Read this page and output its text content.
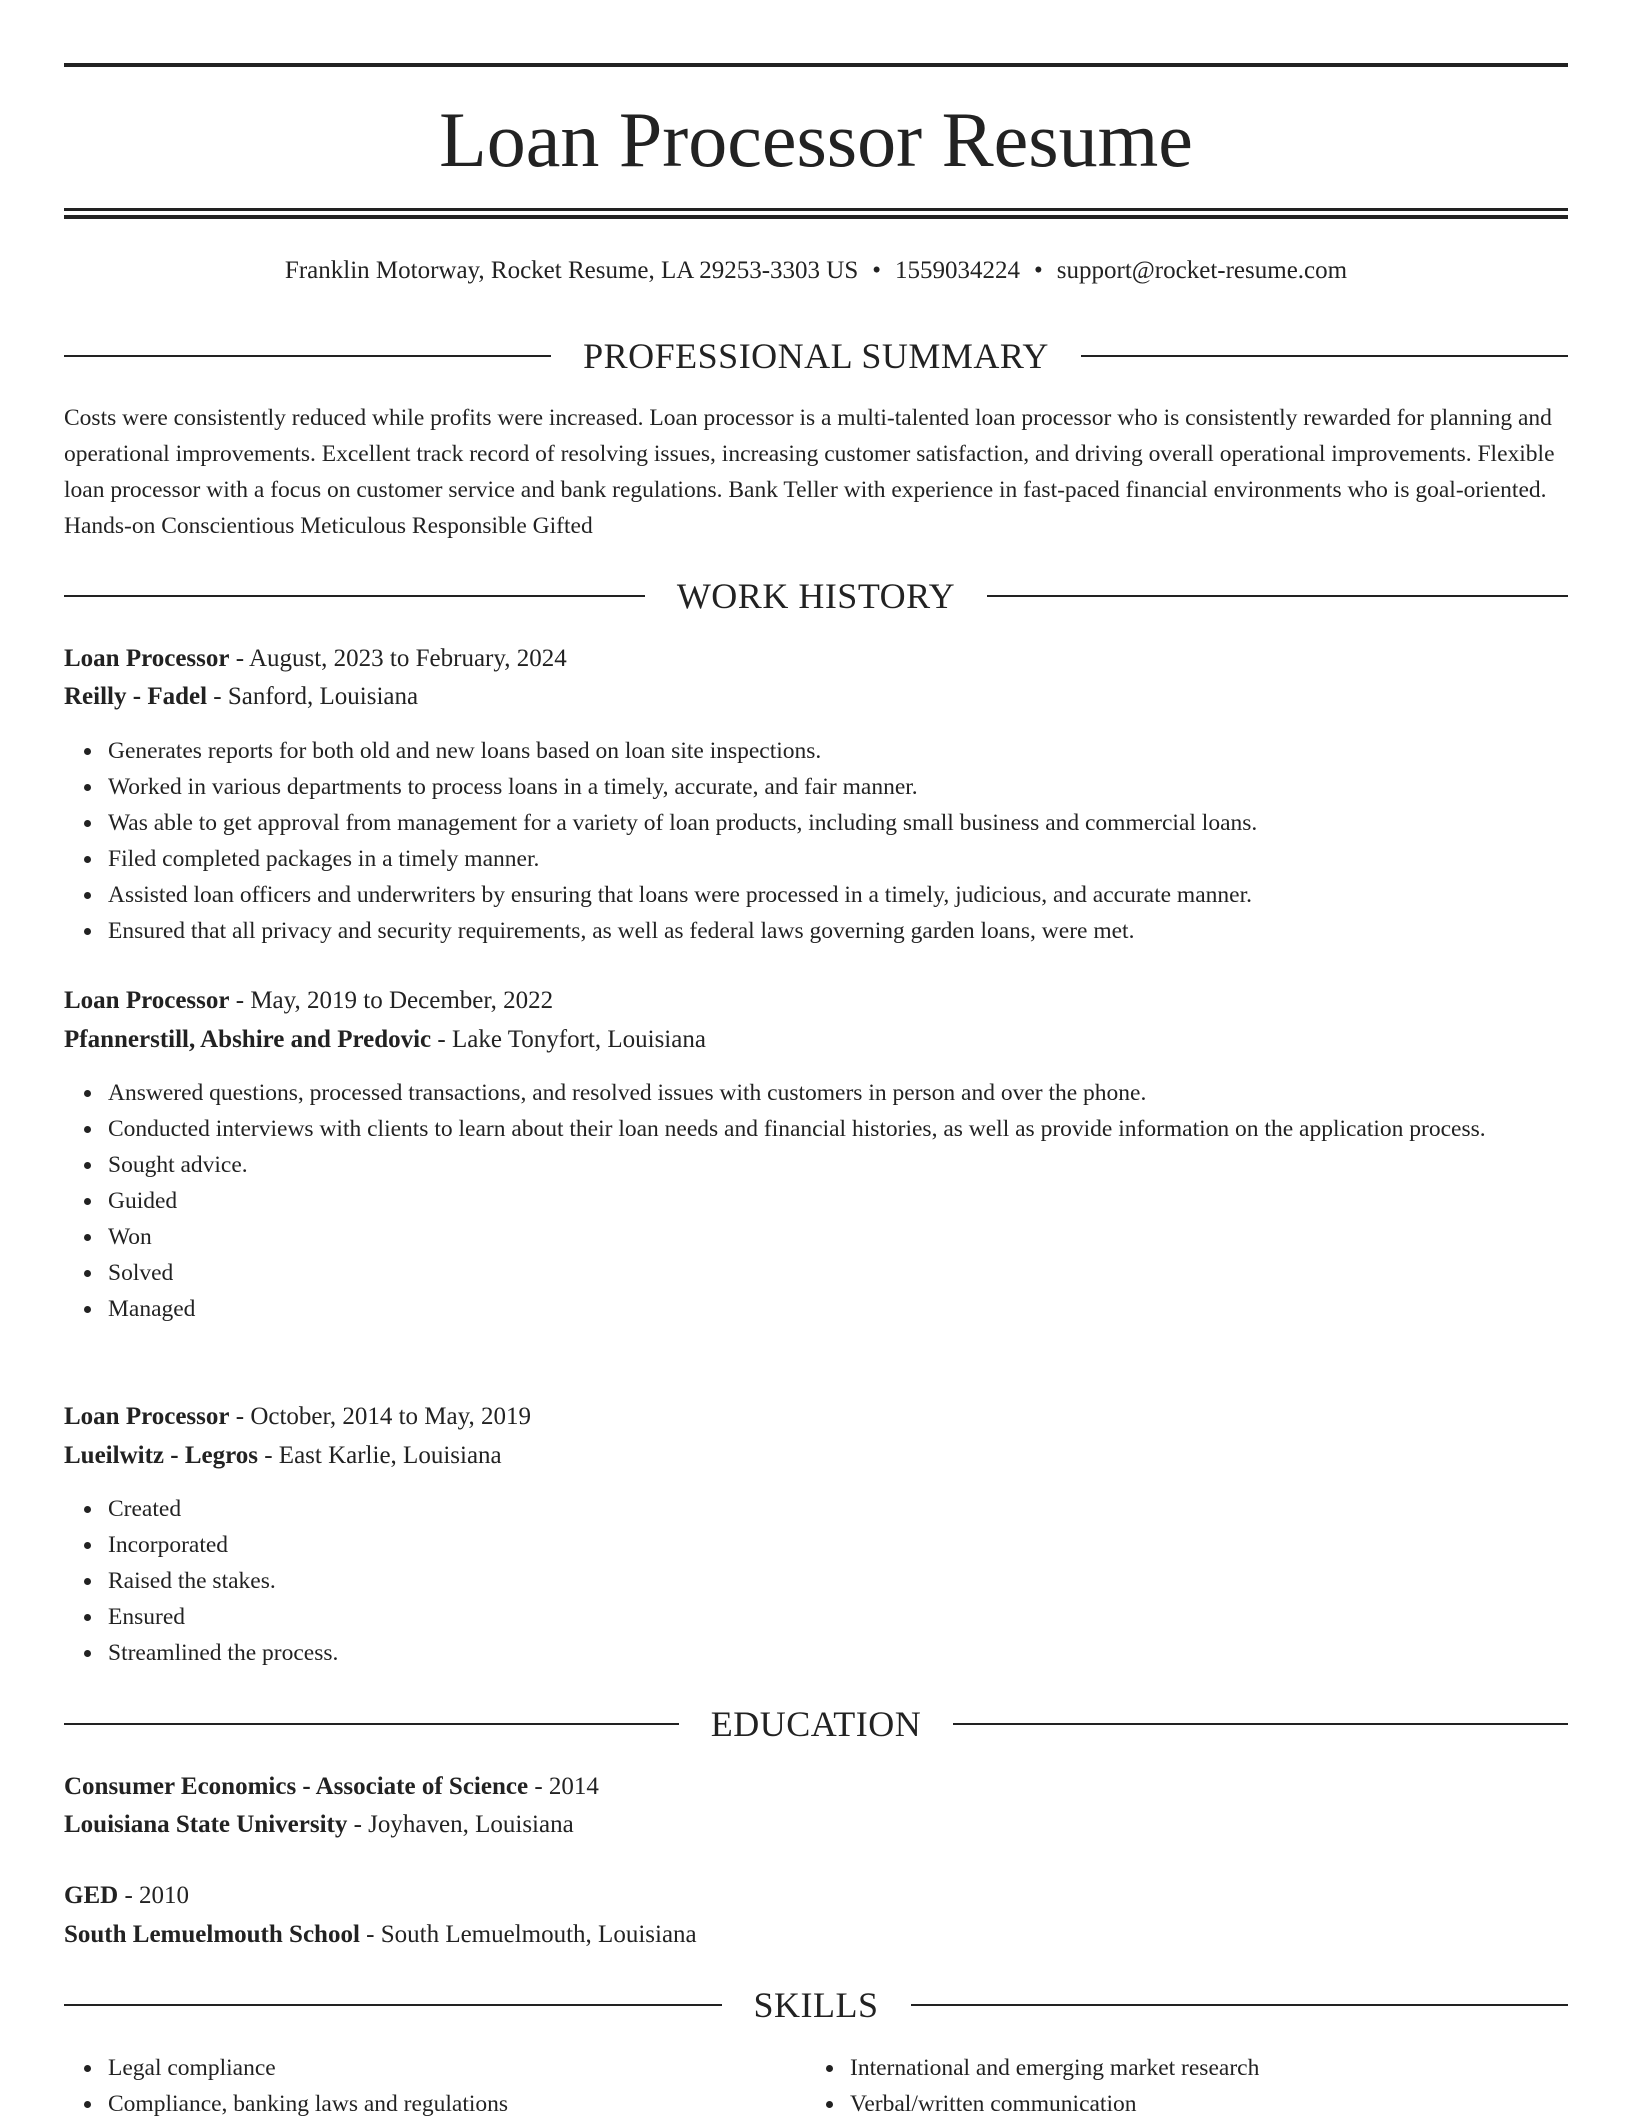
Loan Processor Resume
Franklin Motorway, Rocket Resume, LA 29253-3303 US • 1559034224 • support@rocket-resume.com
PROFESSIONAL SUMMARY

Costs were consistently reduced while profits were increased. Loan processor is a multi-talented loan processor who is consistently rewarded for planning and operational improvements. Excellent track record of resolving issues, increasing customer satisfaction, and driving overall operational improvements. Flexible loan processor with a focus on customer service and bank regulations. Bank Teller with experience in fast-paced financial environments who is goal-oriented. Hands-on Conscientious Meticulous Responsible Gifted

WORK HISTORY

Loan Processor - August, 2023 to February, 2024

Reilly - Fadel - Sanford, Louisiana

Generates reports for both old and new loans based on loan site inspections.
Worked in various departments to process loans in a timely, accurate, and fair manner.
Was able to get approval from management for a variety of loan products, including small business and commercial loans.
Filed completed packages in a timely manner.
Assisted loan officers and underwriters by ensuring that loans were processed in a timely, judicious, and accurate manner.
Ensured that all privacy and security requirements, as well as federal laws governing garden loans, were met.

Loan Processor - May, 2019 to December, 2022

Pfannerstill, Abshire and Predovic - Lake Tonyfort, Louisiana

Answered questions, processed transactions, and resolved issues with customers in person and over the phone.
Conducted interviews with clients to learn about their loan needs and financial histories, as well as provide information on the application process.
Sought advice.
Guided
Won
Solved
Managed

Loan Processor - October, 2014 to May, 2019

Lueilwitz - Legros - East Karlie, Louisiana

Created
Incorporated
Raised the stakes.
Ensured
Streamlined the process.
EDUCATION

Consumer Economics - Associate of Science - 2014

Louisiana State University - Joyhaven, Louisiana

GED - 2010

South Lemuelmouth School - South Lemuelmouth, Louisiana

SKILLS
Legal compliance
Compliance, banking laws and regulations
International and emerging market research
Verbal/written communication
